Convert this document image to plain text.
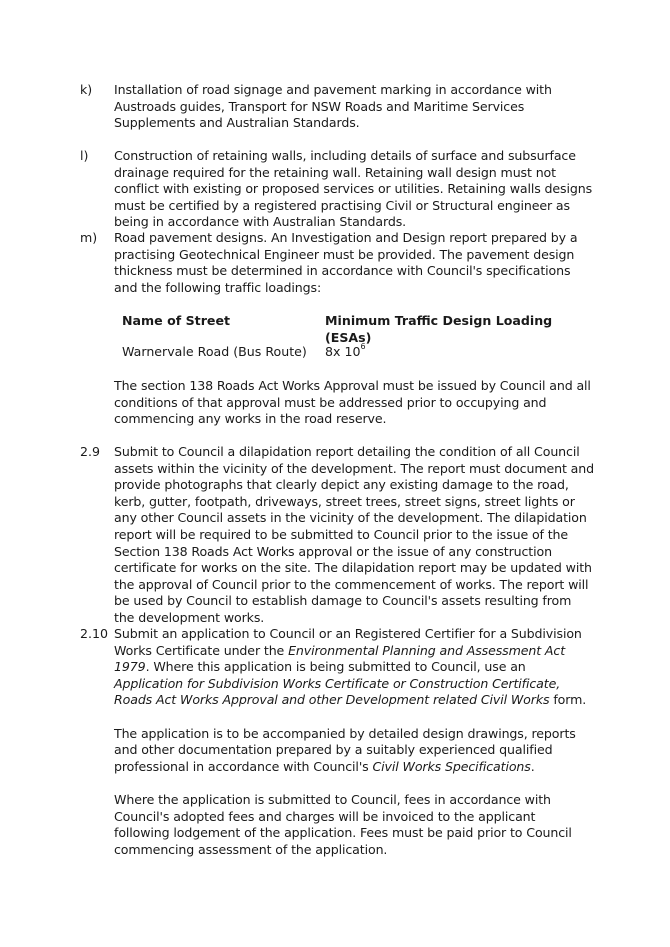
k) Installation of road signage and pavement marking in accordance with Austroads guides, Transport for NSW Roads and Maritime Services Supplements and Australian Standards.

l) Construction of retaining walls, including details of surface and subsurface drainage required for the retaining wall. Retaining wall design must not conflict with existing or proposed services or utilities. Retaining walls designs must be certified by a registered practising Civil or Structural engineer as being in accordance with Australian Standards.

m) Road pavement designs. An Investigation and Design report prepared by a practising Geotechnical Engineer must be provided. The pavement design thickness must be determined in accordance with Council's specifications and the following traffic loadings:

Name of Street	Minimum Traffic Design Loading (ESAs)
Warnervale Road (Bus Route) 8x $10^6$

The section 138 Roads Act Works Approval must be issued by Council and all conditions of that approval must be addressed prior to occupying and commencing any works in the road reserve.

2.9 Submit to Council a dilapidation report detailing the condition of all Council assets within the vicinity of the development. The report must document and provide photographs that clearly depict any existing damage to the road, kerb, gutter, footpath, driveways, street trees, street signs, street lights or any other Council assets in the vicinity of the development. The dilapidation report will be required to be submitted to Council prior to the issue of the Section 138 Roads Act Works approval or the issue of any construction certificate for works on the site. The dilapidation report may be updated with the approval of Council prior to the commencement of works. The report will be used by Council to establish damage to Council's assets resulting from the development works.

2.10 Submit an application to Council or an Registered Certifier for a Subdivision Works Certificate under the Environmental Planning and Assessment Act 1979. Where this application is being submitted to Council, use an Application for Subdivision Works Certificate or Construction Certificate, Roads Act Works Approval and other Development related Civil Works form.

The application is to be accompanied by detailed design drawings, reports and other documentation prepared by a suitably experienced qualified professional in accordance with Council's Civil Works Specifications.

Where the application is submitted to Council, fees in accordance with Council's adopted fees and charges will be invoiced to the applicant following lodgement of the application. Fees must be paid prior to Council commencing assessment of the application.
